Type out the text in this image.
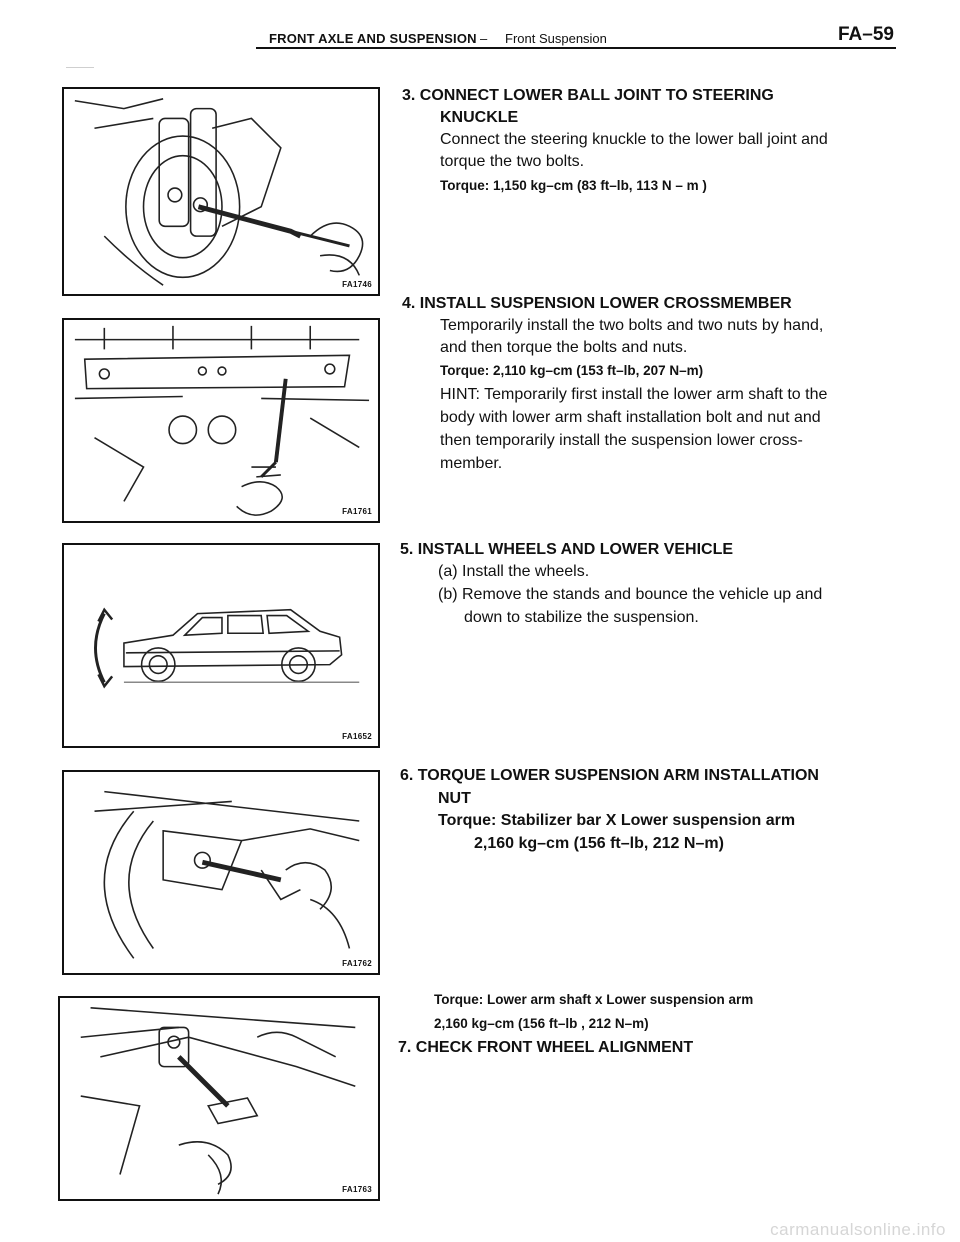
FRONT AXLE AND SUSPENSION – Front Suspension	FA–59
FA1746
FA1761
FA1652
FA1762
FA1763
3. CONNECT LOWER BALL JOINT TO STEERING
KNUCKLE
Connect the steering knuckle to the lower ball joint and
torque the two bolts.
Torque: 1,150 kg–cm (83 ft–lb, 113 N – m )
4. INSTALL SUSPENSION LOWER CROSSMEMBER
Temporarily install the two bolts and two nuts by hand,
and then torque the bolts and nuts.
Torque: 2,110 kg–cm (153 ft–lb, 207 N–m)
HINT: Temporarily first install the lower arm shaft to the
body with lower arm shaft installation bolt and nut and
then temporarily install the suspension lower cross-
member.
5. INSTALL WHEELS AND LOWER VEHICLE
(a) Install the wheels.
(b) Remove the stands and bounce the vehicle up and
down to stabilize the suspension.
6. TORQUE LOWER SUSPENSION ARM INSTALLATION
NUT
Torque: Stabilizer bar X Lower suspension arm
2,160 kg–cm (156 ft–lb, 212 N–m)
Torque: Lower arm shaft x Lower suspension arm
2,160 kg–cm (156 ft–lb , 212 N–m)
7. CHECK FRONT WHEEL ALIGNMENT
carmanualsonline.info
